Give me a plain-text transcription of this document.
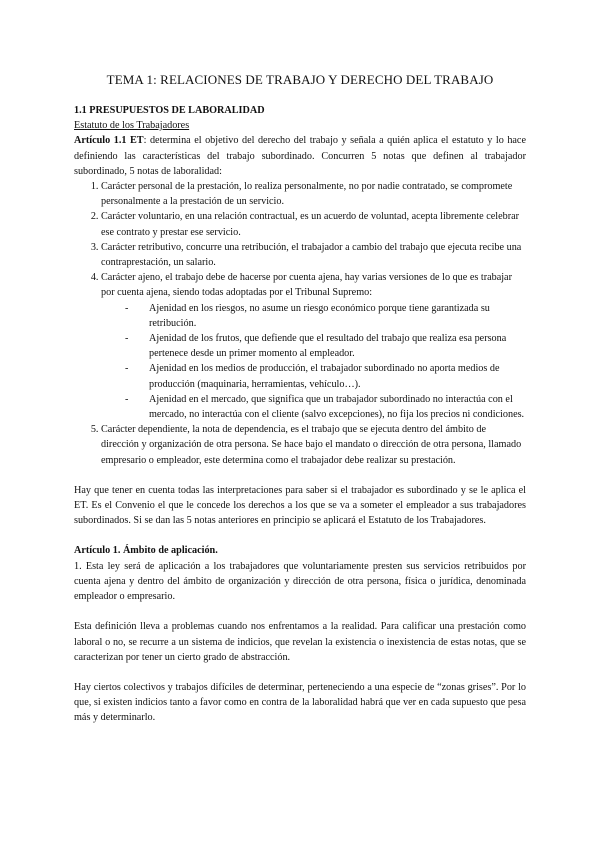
TEMA 1: RELACIONES DE TRABAJO Y DERECHO DEL TRABAJO
1.1 PRESUPUESTOS DE LABORALIDAD
Estatuto de los Trabajadores

Artículo 1.1 ET: determina el objetivo del derecho del trabajo y señala a quién aplica el estatuto y lo hace definiendo las características del trabajo subordinado. Concurren 5 notas que definen al trabajador subordinado, 5 notas de laboralidad:

1. Carácter personal de la prestación, lo realiza personalmente, no por nadie contratado, se compromete personalmente a la prestación de un servicio.
2. Carácter voluntario, en una relación contractual, es un acuerdo de voluntad, acepta libremente celebrar ese contrato y prestar ese servicio.
3. Carácter retributivo, concurre una retribución, el trabajador a cambio del trabajo que ejecuta recibe una contraprestación, un salario.
4. Carácter ajeno, el trabajo debe de hacerse por cuenta ajena, hay varias versiones de lo que es trabajar por cuenta ajena, siendo todas adoptadas por el Tribunal Supremo:
- Ajenidad en los riesgos, no asume un riesgo económico porque tiene garantizada su retribución.
- Ajenidad de los frutos, que defiende que el resultado del trabajo que realiza esa persona pertenece desde un primer momento al empleador.
- Ajenidad en los medios de producción, el trabajador subordinado no aporta medios de producción (maquinaria, herramientas, vehículo…).
- Ajenidad en el mercado, que significa que un trabajador subordinado no interactúa con el mercado, no interactúa con el cliente (salvo excepciones), no fija los precios ni condiciones.
5. Carácter dependiente, la nota de dependencia, es el trabajo que se ejecuta dentro del ámbito de dirección y organización de otra persona. Se hace bajo el mandato o dirección de otra persona, llamado empresario o empleador, este determina como el trabajador debe realizar su prestación.

Hay que tener en cuenta todas las interpretaciones para saber si el trabajador es subordinado y se le aplica el ET. Es el Convenio el que le concede los derechos a los que se va a someter el empleador a sus trabajadores subordinados. Si se dan las 5 notas anteriores en principio se aplicará el Estatuto de los Trabajadores.

Artículo 1. Ámbito de aplicación.

1. Esta ley será de aplicación a los trabajadores que voluntariamente presten sus servicios retribuidos por cuenta ajena y dentro del ámbito de organización y dirección de otra persona, física o jurídica, denominada empleador o empresario.

Esta definición lleva a problemas cuando nos enfrentamos a la realidad. Para calificar una prestación como laboral o no, se recurre a un sistema de indicios, que revelan la existencia o inexistencia de estas notas, que se caracterizan por tener un cierto grado de abstracción.

Hay ciertos colectivos y trabajos difíciles de determinar, perteneciendo a una especie de “zonas grises”. Por lo que, si existen indicios tanto a favor como en contra de la laboralidad habrá que ver en cada supuesto que pesa más y determinarlo.
